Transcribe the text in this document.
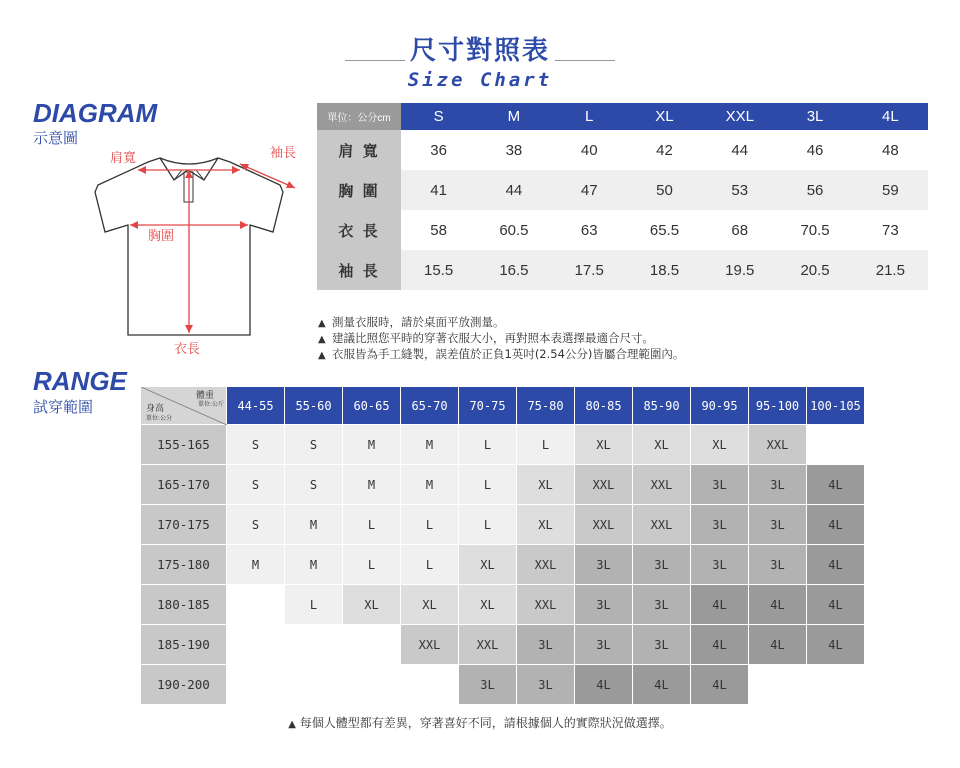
尺寸對照表
Size Chart
DIAGRAM
示意圖
肩寬	袖長
胸圍
衣長
單位：公分cm	S	M	L	XL	XXL	3L	4L
肩 寬	36	38	40	42	44	46	48
胸 圍	41	44	47	50	53	56	59
衣 長	58	60.5	63	65.5	68	70.5	73
袖 長	15.5	16.5	17.5	18.5	19.5	20.5	21.5
▲ 測量衣服時，請於桌面平放測量。
▲ 建議比照您平時的穿著衣服大小，再對照本表選擇最適合尺寸。
▲ 衣服皆為手工縫製，誤差值於正負1英吋(2.54公分)皆屬合理範圍內。
RANGE
試穿範圍
體重
單位:公斤
身高
單位:公分	44-55	55-60	60-65	65-70	70-75	75-80	80-85	85-90	90-95	95-100	100-105
155-165	S	S	M	M	L	L	XL	XL	XL	XXL	
165-170	S	S	M	M	L	XL	XXL	XXL	3L	3L	4L
170-175	S	M	L	L	L	XL	XXL	XXL	3L	3L	4L
175-180	M	M	L	L	XL	XXL	3L	3L	3L	3L	4L
180-185		L	XL	XL	XL	XXL	3L	3L	4L	4L	4L
185-190				XXL	XXL	3L	3L	3L	4L	4L	4L
190-200					3L	3L	4L	4L	4L		
▲ 每個人體型都有差異，穿著喜好不同，請根據個人的實際狀況做選擇。
